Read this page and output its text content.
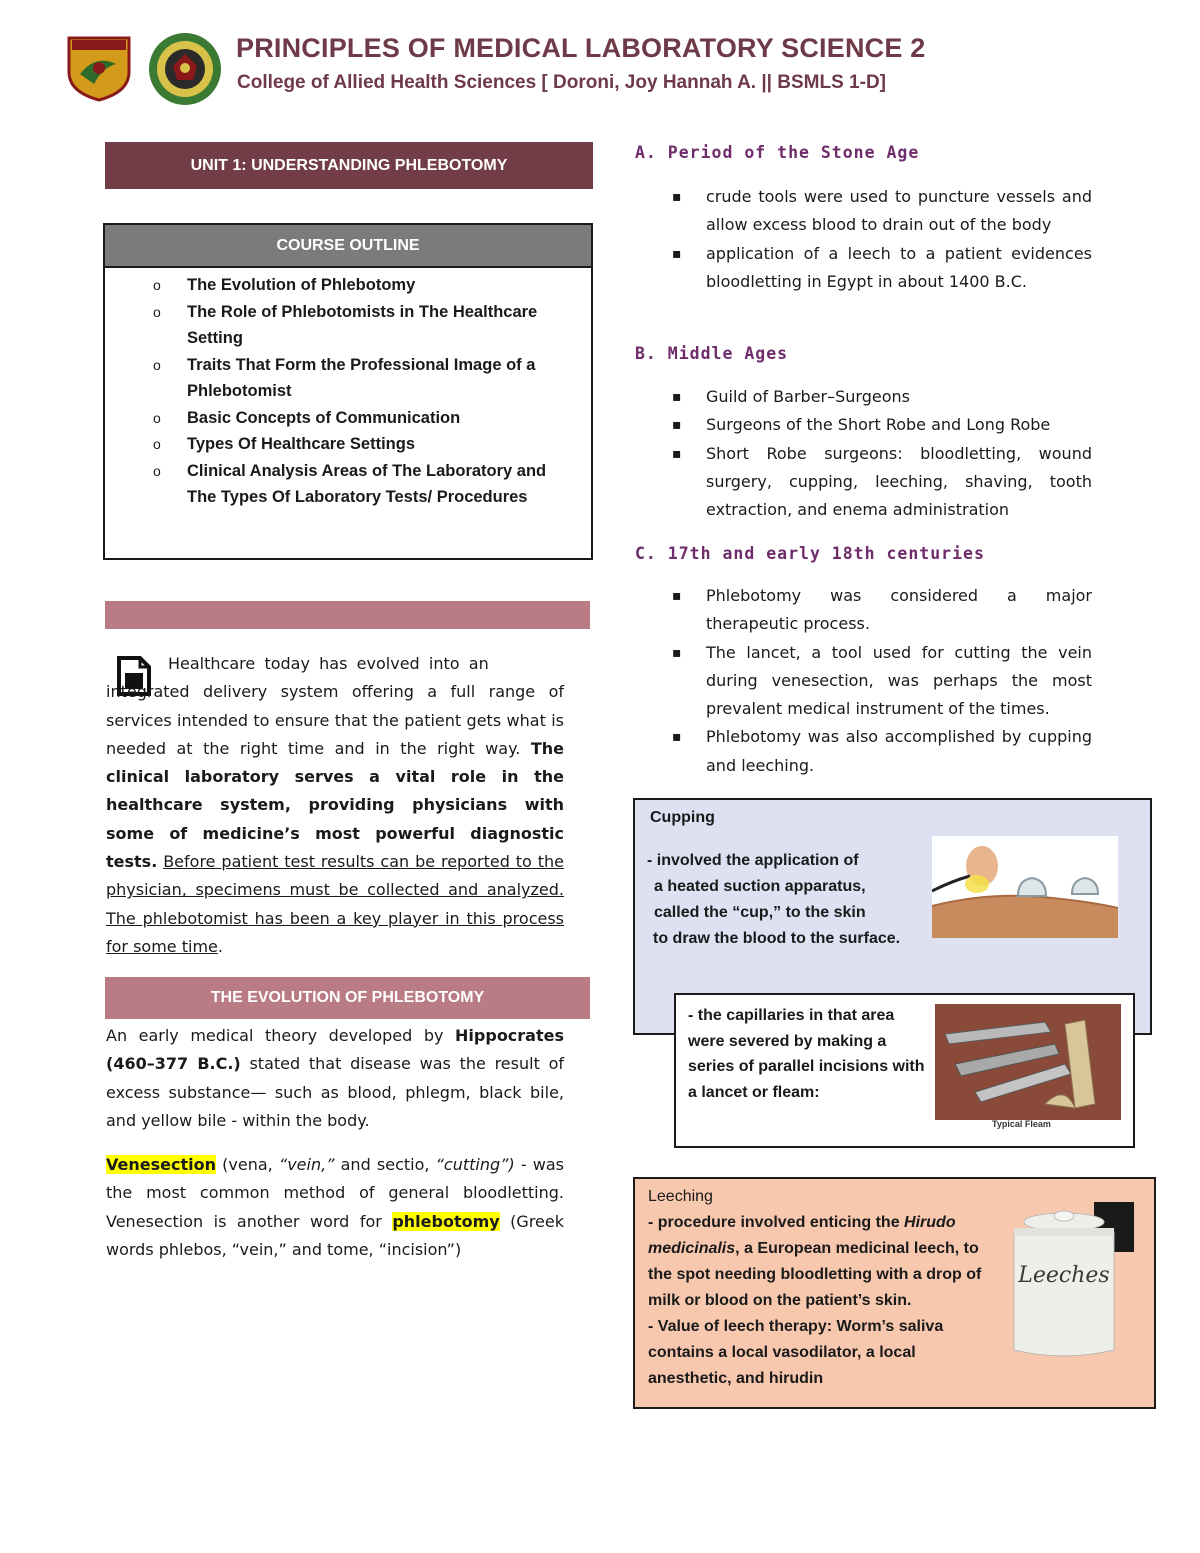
PRINCIPLES OF MEDICAL LABORATORY SCIENCE 2
College of Allied Health Sciences [ Doroni, Joy Hannah A. || BSMLS 1-D]
UNIT 1: UNDERSTANDING PHLEBOTOMY
COURSE OUTLINE
o The Evolution of Phlebotomy
o The Role of Phlebotomists in The Healthcare Setting
o Traits That Form the Professional Image of a Phlebotomist
o Basic Concepts of Communication
o Types Of Healthcare Settings
o Clinical Analysis Areas of The Laboratory and The Types Of Laboratory Tests/ Procedures

Healthcare today has evolved into an integrated delivery system offering a full range of services intended to ensure that the patient gets what is needed at the right time and in the right way. The clinical laboratory serves a vital role in the healthcare system, providing physicians with some of medicine’s most powerful diagnostic tests. Before patient test results can be reported to the physician, specimens must be collected and analyzed. The phlebotomist has been a key player in this process for some time.

THE EVOLUTION OF PHLEBOTOMY

An early medical theory developed by Hippocrates (460–377 B.C.) stated that disease was the result of excess substance— such as blood, phlegm, black bile, and yellow bile - within the body.

Venesection (vena, “vein,” and sectio, “cutting”) - was the most common method of general bloodletting. Venesection is another word for phlebotomy (Greek words phlebos, “vein,” and tome, “incision”)

A. Period of the Stone Age
▪ crude tools were used to puncture vessels and allow excess blood to drain out of the body
▪ application of a leech to a patient evidences bloodletting in Egypt in about 1400 B.C.
B. Middle Ages
▪ Guild of Barber–Surgeons
▪ Surgeons of the Short Robe and Long Robe
▪ Short Robe surgeons: bloodletting, wound surgery, cupping, leeching, shaving, tooth extraction, and enema administration
C. 17th and early 18th centuries
▪ Phlebotomy was considered a major therapeutic process.
▪ The lancet, a tool used for cutting the vein during venesection, was perhaps the most prevalent medical instrument of the times.
▪ Phlebotomy was also accomplished by cupping and leeching.
Cupping
- involved the application of
a heated suction apparatus,
called the “cup,” to the skin
to draw the blood to the surface.
- the capillaries in that area were severed by making a series of parallel incisions with a lancet or fleam:
Typical Fleam
Leeching
- procedure involved enticing the Hirudo medicinalis, a European medicinal leech, to the spot needing bloodletting with a drop of milk or blood on the patient’s skin.
- Value of leech therapy: Worm’s saliva contains a local vasodilator, a local anesthetic, and hirudin
Leeches
